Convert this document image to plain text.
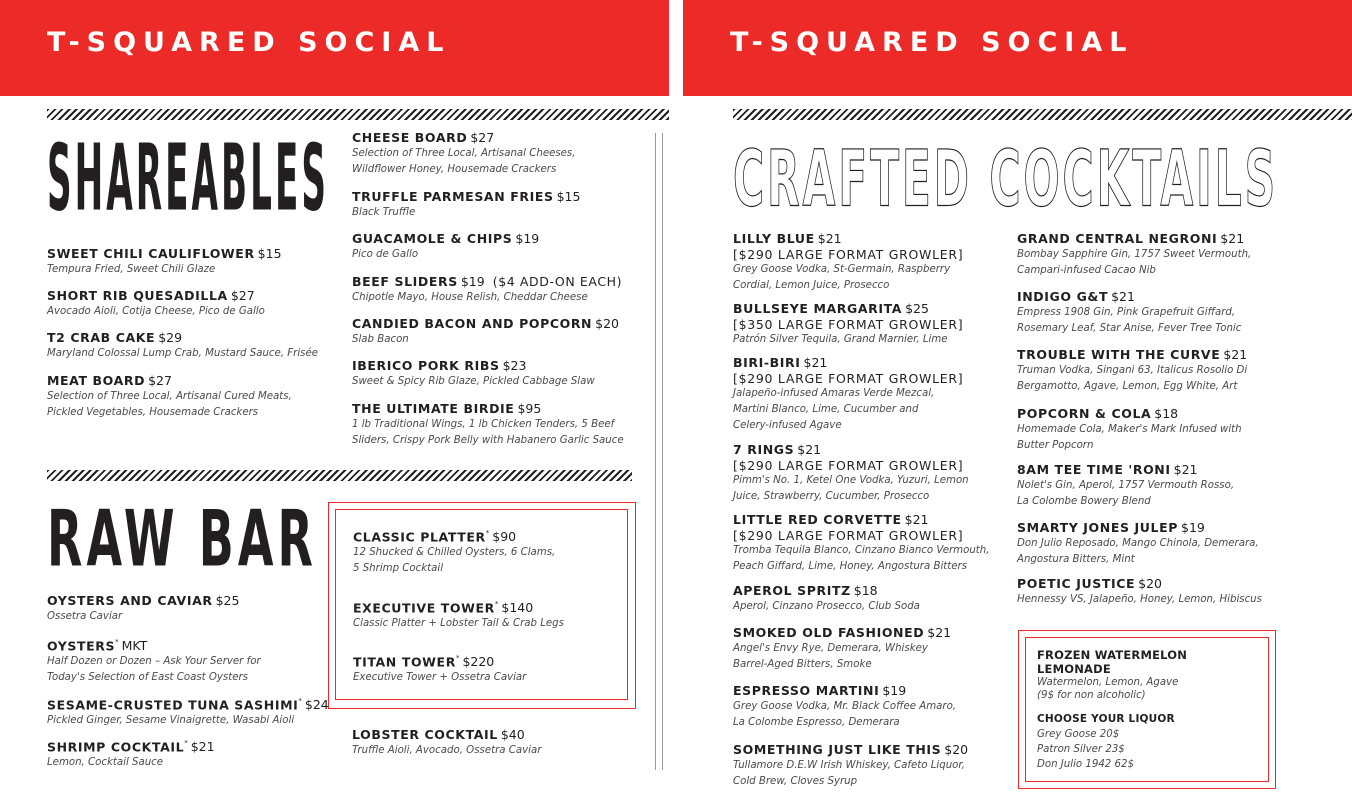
T-SQUARED SOCIAL
SHAREABLES
SWEET CHILI CAULIFLOWER $15
Tempura Fried, Sweet Chili Glaze
SHORT RIB QUESADILLA $27
Avocado Aioli, Cotija Cheese, Pico de Gallo
T2 CRAB CAKE $29
Maryland Colossal Lump Crab, Mustard Sauce, Frisée
MEAT BOARD $27
Selection of Three Local, Artisanal Cured Meats,
Pickled Vegetables, Housemade Crackers
CHEESE BOARD $27
Selection of Three Local, Artisanal Cheeses,
Wildflower Honey, Housemade Crackers
TRUFFLE PARMESAN FRIES $15
Black Truffle
GUACAMOLE & CHIPS $19
Pico de Gallo
BEEF SLIDERS $19 ($4 ADD-ON EACH)
Chipotle Mayo, House Relish, Cheddar Cheese
CANDIED BACON AND POPCORN $20
Slab Bacon
IBERICO PORK RIBS $23
Sweet & Spicy Rib Glaze, Pickled Cabbage Slaw
THE ULTIMATE BIRDIE $95
1 lb Traditional Wings, 1 lb Chicken Tenders, 5 Beef
Sliders, Crispy Pork Belly with Habanero Garlic Sauce
RAW BAR
OYSTERS AND CAVIAR $25
Ossetra Caviar
OYSTERS* MKT
Half Dozen or Dozen – Ask Your Server for
Today's Selection of East Coast Oysters
SESAME-CRUSTED TUNA SASHIMI* $24
Pickled Ginger, Sesame Vinaigrette, Wasabi Aioli
SHRIMP COCKTAIL* $21
Lemon, Cocktail Sauce
CLASSIC PLATTER* $90
12 Shucked & Chilled Oysters, 6 Clams,
5 Shrimp Cocktail
EXECUTIVE TOWER* $140
Classic Platter + Lobster Tail & Crab Legs
TITAN TOWER* $220
Executive Tower + Ossetra Caviar
LOBSTER COCKTAIL $40
Truffle Aioli, Avocado, Ossetra Caviar
T-SQUARED SOCIAL
CRAFTED COCKTAILS
LILLY BLUE $21
[$290 LARGE FORMAT GROWLER]
Grey Goose Vodka, St-Germain, Raspberry
Cordial, Lemon Juice, Prosecco
BULLSEYE MARGARITA $25
[$350 LARGE FORMAT GROWLER]
Patrón Silver Tequila, Grand Marnier, Lime
BIRI-BIRI $21
[$290 LARGE FORMAT GROWLER]
Jalapeño-infused Amaras Verde Mezcal,
Martini Blanco, Lime, Cucumber and
Celery-infused Agave
7 RINGS $21
[$290 LARGE FORMAT GROWLER]
Pimm's No. 1, Ketel One Vodka, Yuzuri, Lemon
Juice, Strawberry, Cucumber, Prosecco
LITTLE RED CORVETTE $21
[$290 LARGE FORMAT GROWLER]
Tromba Tequila Blanco, Cinzano Bianco Vermouth,
Peach Giffard, Lime, Honey, Angostura Bitters
APEROL SPRITZ $18
Aperol, Cinzano Prosecco, Club Soda
SMOKED OLD FASHIONED $21
Angel's Envy Rye, Demerara, Whiskey
Barrel-Aged Bitters, Smoke
ESPRESSO MARTINI $19
Grey Goose Vodka, Mr. Black Coffee Amaro,
La Colombe Espresso, Demerara
SOMETHING JUST LIKE THIS $20
Tullamore D.E.W Irish Whiskey, Cafeto Liquor,
Cold Brew, Cloves Syrup
GRAND CENTRAL NEGRONI $21
Bombay Sapphire Gin, 1757 Sweet Vermouth,
Campari-infused Cacao Nib
INDIGO G&T $21
Empress 1908 Gin, Pink Grapefruit Giffard,
Rosemary Leaf, Star Anise, Fever Tree Tonic
TROUBLE WITH THE CURVE $21
Truman Vodka, Singani 63, Italicus Rosolio Di
Bergamotto, Agave, Lemon, Egg White, Art
POPCORN & COLA $18
Homemade Cola, Maker's Mark Infused with
Butter Popcorn
8AM TEE TIME 'RONI $21
Nolet's Gin, Aperol, 1757 Vermouth Rosso,
La Colombe Bowery Blend
SMARTY JONES JULEP $19
Don Julio Reposado, Mango Chinola, Demerara,
Angostura Bitters, Mint
POETIC JUSTICE $20
Hennessy VS, Jalapeño, Honey, Lemon, Hibiscus
FROZEN WATERMELON LEMONADE
Watermelon, Lemon, Agave
(9$ for non alcoholic)
CHOOSE YOUR LIQUOR
Grey Goose 20$
Patron Silver 23$
Don Julio 1942 62$
